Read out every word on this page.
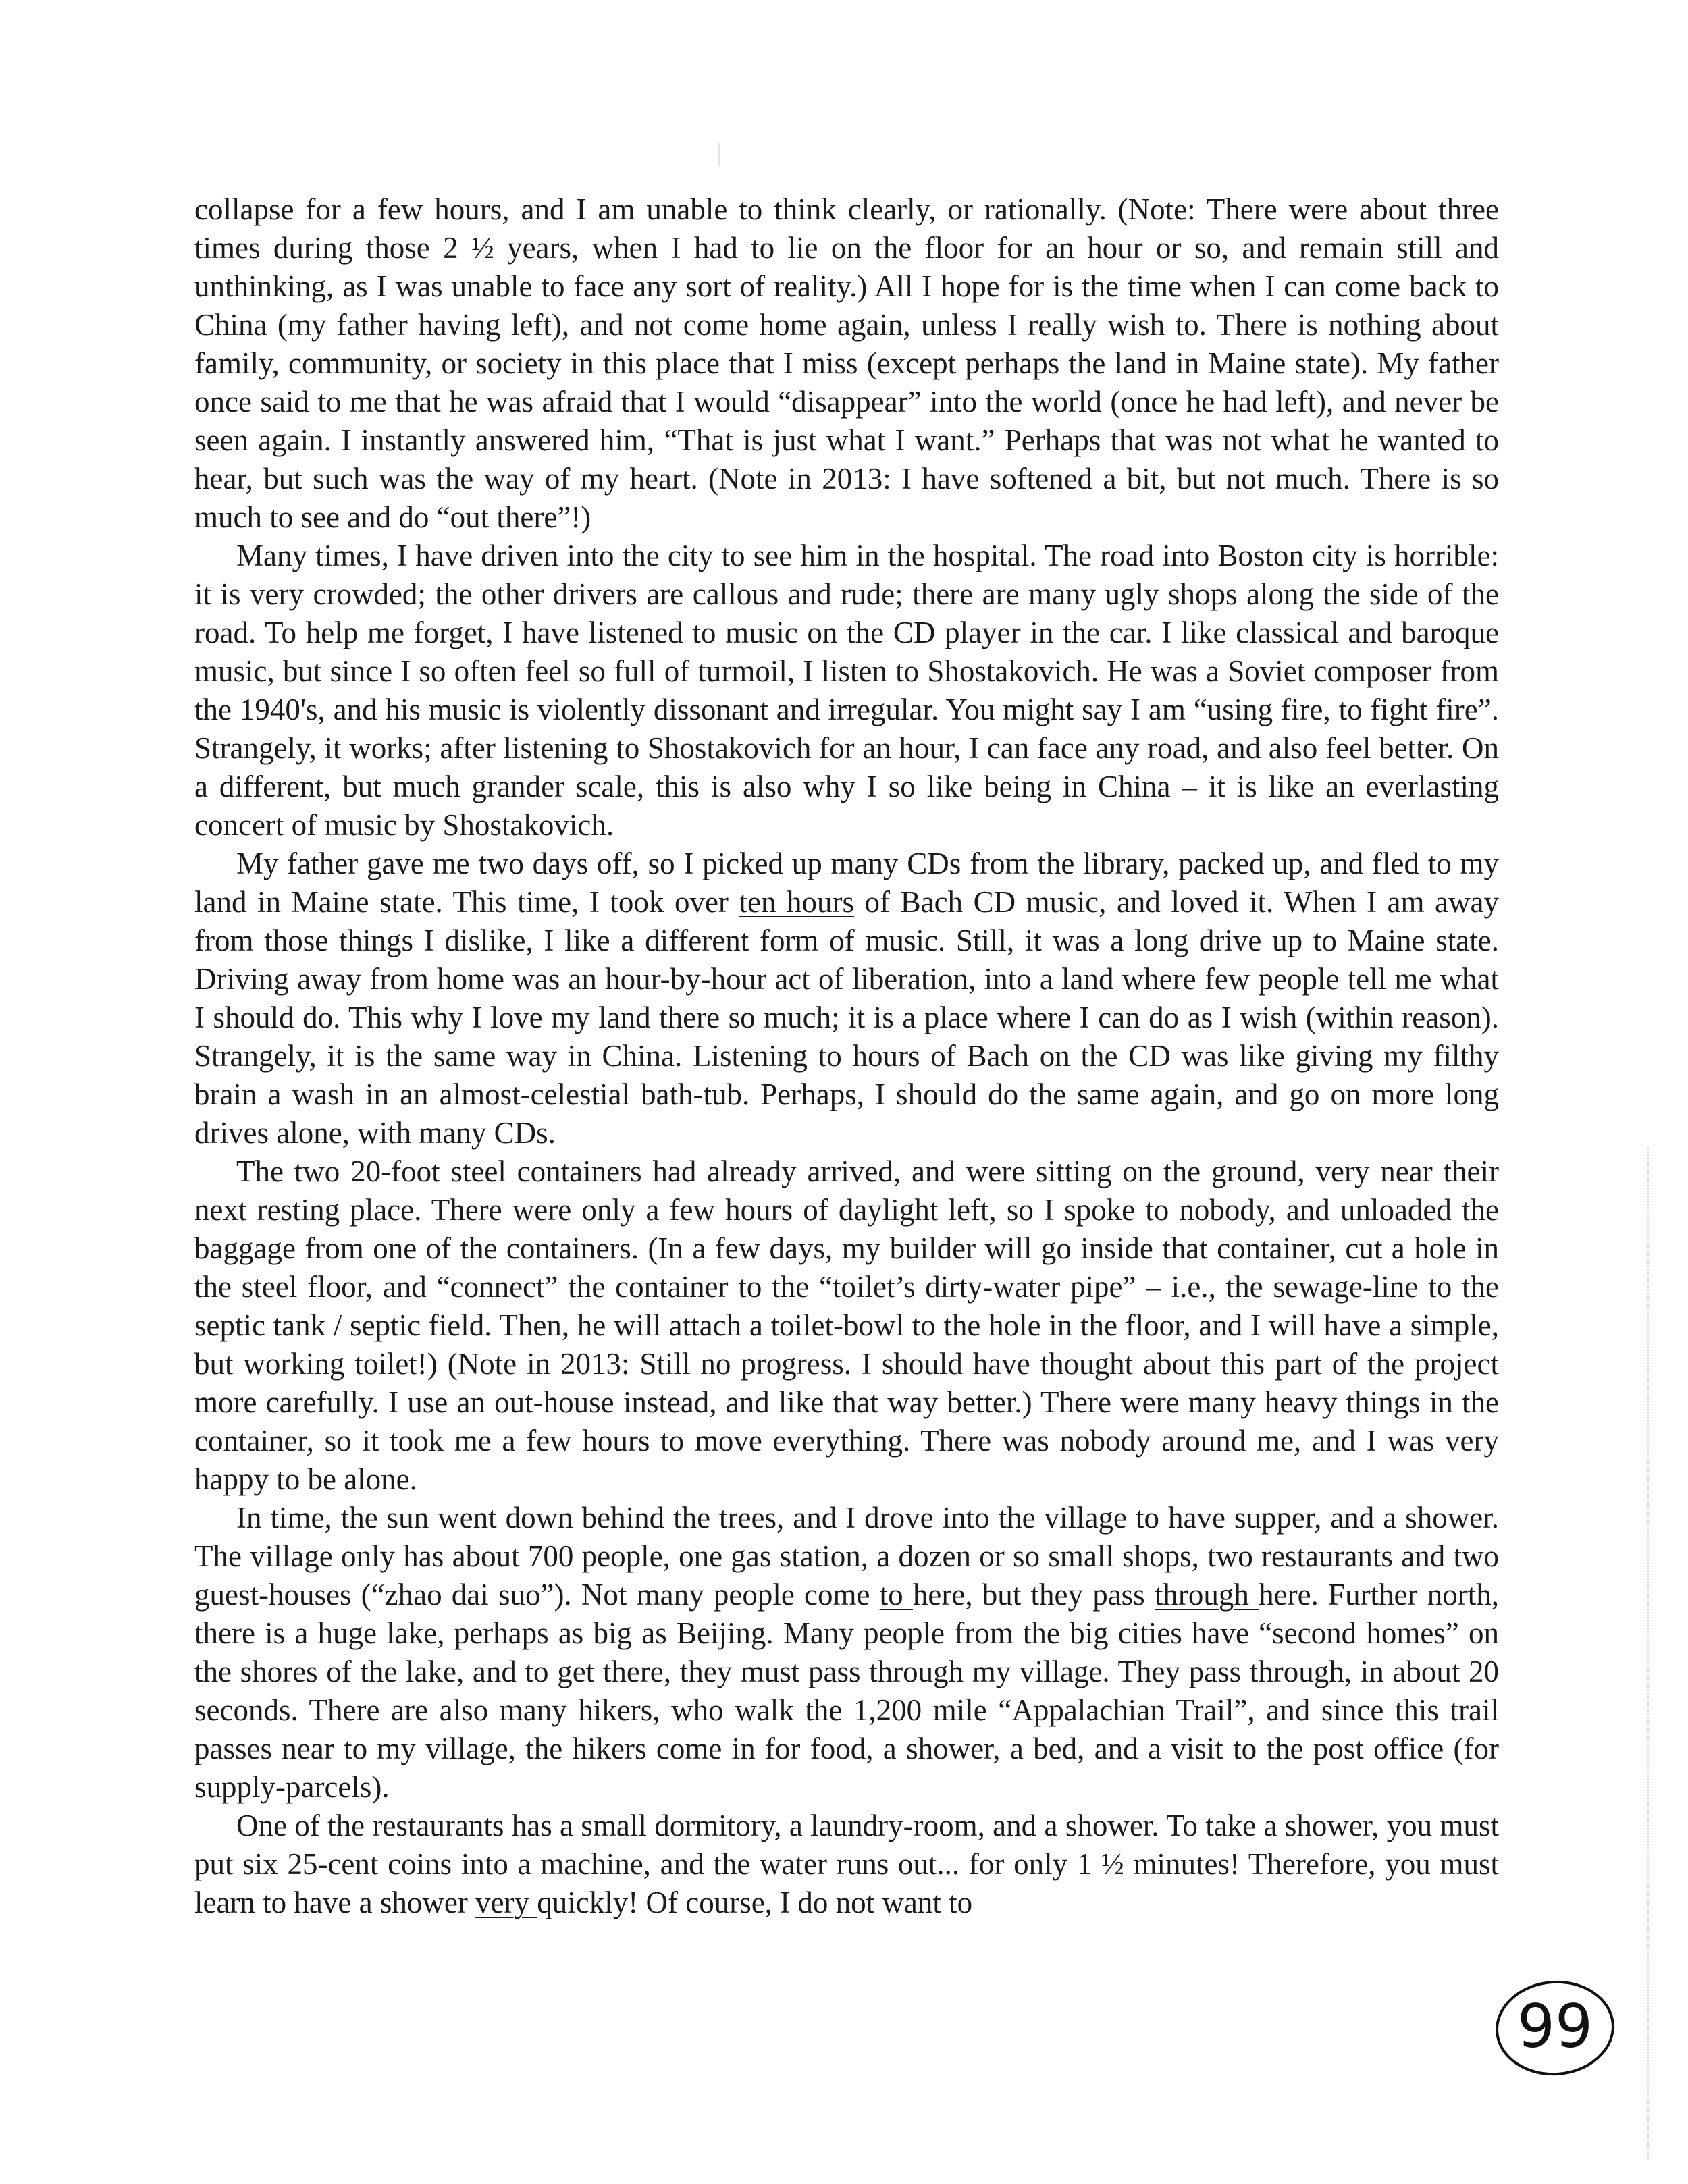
collapse for a few hours, and I am unable to think clearly, or rationally. (Note: There were about three times during those 2 ½ years, when I had to lie on the floor for an hour or so, and remain still and unthinking, as I was unable to face any sort of reality.) All I hope for is the time when I can come back to China (my father having left), and not come home again, unless I really wish to. There is nothing about family, community, or society in this place that I miss (except perhaps the land in Maine state). My father once said to me that he was afraid that I would “disappear” into the world (once he had left), and never be seen again. I instantly answered him, “That is just what I want.” Perhaps that was not what he wanted to hear, but such was the way of my heart. (Note in 2013: I have softened a bit, but not much. There is so much to see and do “out there”!)

Many times, I have driven into the city to see him in the hospital. The road into Boston city is horrible: it is very crowded; the other drivers are callous and rude; there are many ugly shops along the side of the road. To help me forget, I have listened to music on the CD player in the car. I like classical and baroque music, but since I so often feel so full of turmoil, I listen to Shostakovich. He was a Soviet composer from the 1940's, and his music is violently dissonant and irregular. You might say I am “using fire, to fight fire”. Strangely, it works; after listening to Shostakovich for an hour, I can face any road, and also feel better. On a different, but much grander scale, this is also why I so like being in China – it is like an everlasting concert of music by Shostakovich.

My father gave me two days off, so I picked up many CDs from the library, packed up, and fled to my land in Maine state. This time, I took over ten hours of Bach CD music, and loved it. When I am away from those things I dislike, I like a different form of music. Still, it was a long drive up to Maine state. Driving away from home was an hour-by-hour act of liberation, into a land where few people tell me what I should do. This why I love my land there so much; it is a place where I can do as I wish (within reason). Strangely, it is the same way in China. Listening to hours of Bach on the CD was like giving my filthy brain a wash in an almost-celestial bath-tub. Perhaps, I should do the same again, and go on more long drives alone, with many CDs.

The two 20-foot steel containers had already arrived, and were sitting on the ground, very near their next resting place. There were only a few hours of daylight left, so I spoke to nobody, and unloaded the baggage from one of the containers. (In a few days, my builder will go inside that container, cut a hole in the steel floor, and “connect” the container to the “toilet’s dirty-water pipe” – i.e., the sewage-line to the septic tank / septic field. Then, he will attach a toilet-bowl to the hole in the floor, and I will have a simple, but working toilet!) (Note in 2013: Still no progress. I should have thought about this part of the project more carefully. I use an out-house instead, and like that way better.) There were many heavy things in the container, so it took me a few hours to move everything. There was nobody around me, and I was very happy to be alone.

In time, the sun went down behind the trees, and I drove into the village to have supper, and a shower. The village only has about 700 people, one gas station, a dozen or so small shops, two restaurants and two guest-houses (“zhao dai suo”). Not many people come to here, but they pass through here. Further north, there is a huge lake, perhaps as big as Beijing. Many people from the big cities have “second homes” on the shores of the lake, and to get there, they must pass through my village. They pass through, in about 20 seconds. There are also many hikers, who walk the 1,200 mile “Appalachian Trail”, and since this trail passes near to my village, the hikers come in for food, a shower, a bed, and a visit to the post office (for supply-parcels).

One of the restaurants has a small dormitory, a laundry-room, and a shower. To take a shower, you must put six 25-cent coins into a machine, and the water runs out... for only 1 ½ minutes! Therefore, you must learn to have a shower very quickly! Of course, I do not want to

99
